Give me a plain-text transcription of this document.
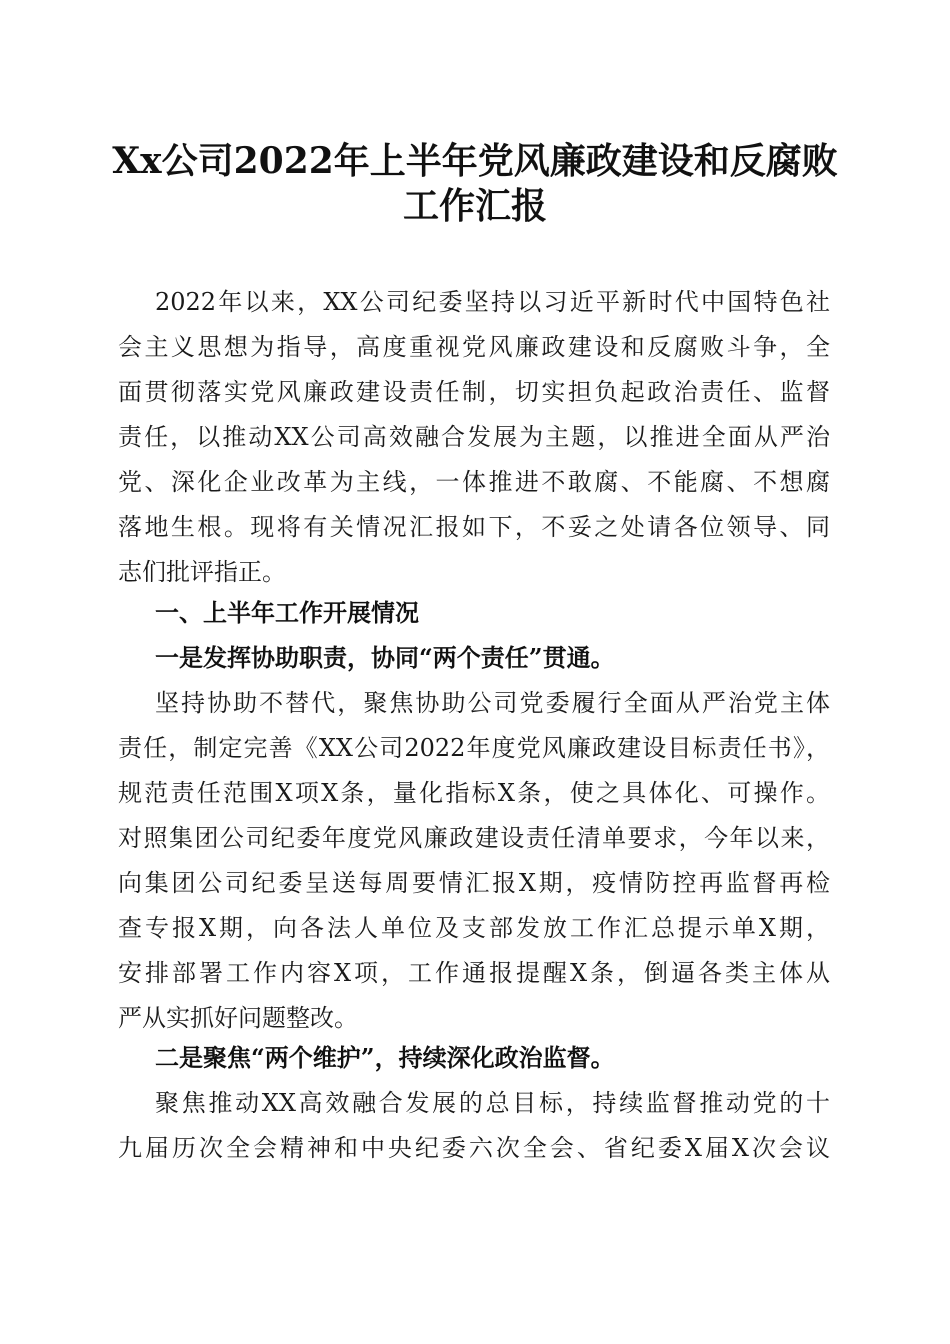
Xx公司2022年上半年党风廉政建设和反腐败
工作汇报

2022年以来，XX公司纪委坚持以习近平新时代中国特色社

会主义思想为指导，高度重视党风廉政建设和反腐败斗争，全

面贯彻落实党风廉政建设责任制，切实担负起政治责任、监督

责任，以推动XX公司高效融合发展为主题，以推进全面从严治

党、深化企业改革为主线，一体推进不敢腐、不能腐、不想腐

落地生根。现将有关情况汇报如下，不妥之处请各位领导、同

志们批评指正。

一、上半年工作开展情况
一是发挥协助职责，协同“两个责任”贯通。

坚持协助不替代，聚焦协助公司党委履行全面从严治党主体

责任，制定完善《XX公司2022年度党风廉政建设目标责任书》，

规范责任范围X项X条，量化指标X条，使之具体化、可操作。

对照集团公司纪委年度党风廉政建设责任清单要求，今年以来，

向集团公司纪委呈送每周要情汇报X期，疫情防控再监督再检

查专报X期，向各法人单位及支部发放工作汇总提示单X期，

安排部署工作内容X项，工作通报提醒X条，倒逼各类主体从

严从实抓好问题整改。

二是聚焦“两个维护”，持续深化政治监督。

聚焦推动XX高效融合发展的总目标，持续监督推动党的十

九届历次全会精神和中央纪委六次全会、省纪委X届X次会议
